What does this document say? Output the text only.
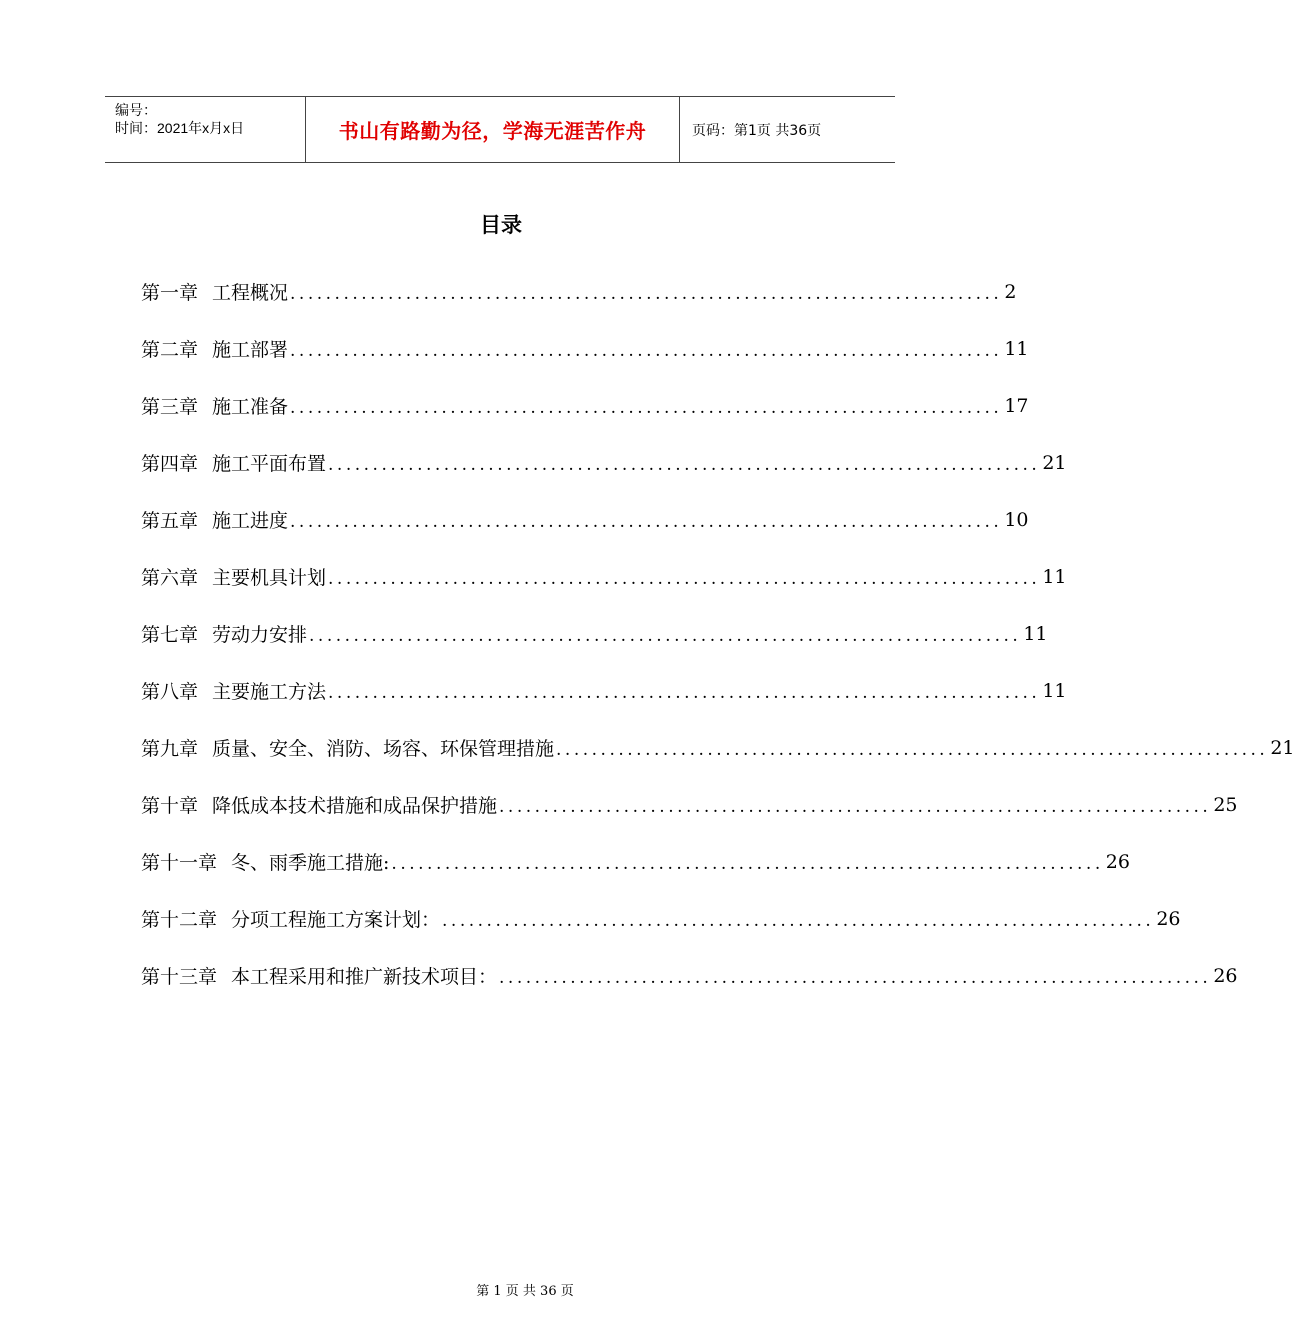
编号：
时间：2021年x月x日	书山有路勤为径，学海无涯苦作舟	页码：第1页 共36页
目录
第一章 工程概况 ................................................................................ 2
第二章 施工部署 ................................................................................ 11
第三章 施工准备 ................................................................................ 17
第四章 施工平面布置 ................................................................................ 21
第五章 施工进度 ................................................................................ 10
第六章 主要机具计划 ................................................................................ 11
第七章 劳动力安排 ................................................................................ 11
第八章 主要施工方法 ................................................................................ 11
第九章 质量、安全、消防、场容、环保管理措施 ................................................................................ 21
第十章 降低成本技术措施和成品保护措施 ................................................................................ 25
第十一章 冬、雨季施工措施: ................................................................................ 26
第十二章 分项工程施工方案计划： ................................................................................ 26
第十三章 本工程采用和推广新技术项目： ................................................................................ 26
第 1 页 共 36 页
